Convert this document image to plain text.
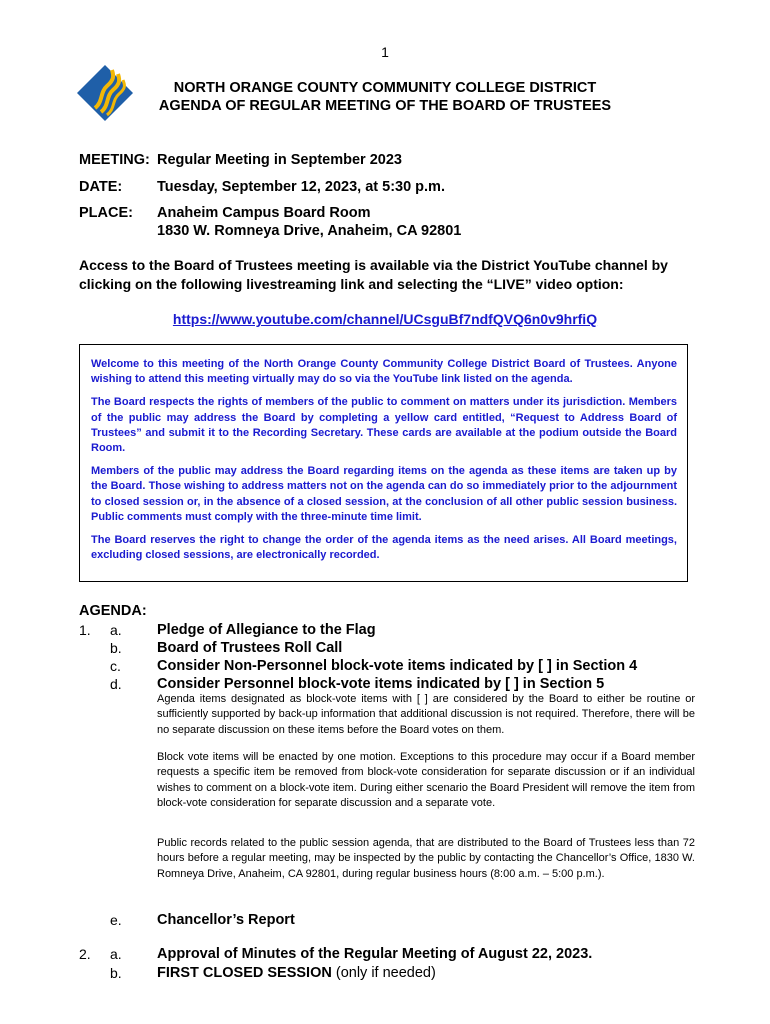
1
NORTH ORANGE COUNTY COMMUNITY COLLEGE DISTRICT
AGENDA OF REGULAR MEETING OF THE BOARD OF TRUSTEES
MEETING: Regular Meeting in September 2023
DATE: Tuesday, September 12, 2023, at 5:30 p.m.
PLACE: Anaheim Campus Board Room
1830 W. Romneya Drive, Anaheim, CA 92801
Access to the Board of Trustees meeting is available via the District YouTube channel by clicking on the following livestreaming link and selecting the “LIVE” video option:
https://www.youtube.com/channel/UCsguBf7ndfQVQ6n0v9hrfiQ

Welcome to this meeting of the North Orange County Community College District Board of Trustees. Anyone wishing to attend this meeting virtually may do so via the YouTube link listed on the agenda.

The Board respects the rights of members of the public to comment on matters under its jurisdiction. Members of the public may address the Board by completing a yellow card entitled, “Request to Address Board of Trustees” and submit it to the Recording Secretary. These cards are available at the podium outside the Board Room.

Members of the public may address the Board regarding items on the agenda as these items are taken up by the Board. Those wishing to address matters not on the agenda can do so immediately prior to the adjournment to closed session or, in the absence of a closed session, at the conclusion of all other public session business. Public comments must comply with the three-minute time limit.

The Board reserves the right to change the order of the agenda items as the need arises. All Board meetings, excluding closed sessions, are electronically recorded.

AGENDA:
1. a. Pledge of Allegiance to the Flag
b. Board of Trustees Roll Call
c. Consider Non-Personnel block-vote items indicated by [ ] in Section 4
d. Consider Personnel block-vote items indicated by [ ] in Section 5
Agenda items designated as block-vote items with [ ] are considered by the Board to either be routine or sufficiently supported by back-up information that additional discussion is not required. Therefore, there will be no separate discussion on these items before the Board votes on them.
Block vote items will be enacted by one motion. Exceptions to this procedure may occur if a Board member requests a specific item be removed from block-vote consideration for separate discussion or if an individual wishes to comment on a block-vote item. During either scenario the Board President will remove the item from block-vote consideration for separate discussion and a separate vote.
Public records related to the public session agenda, that are distributed to the Board of Trustees less than 72 hours before a regular meeting, may be inspected by the public by contacting the Chancellor’s Office, 1830 W. Romneya Drive, Anaheim, CA 92801, during regular business hours (8:00 a.m. – 5:00 p.m.).
e. Chancellor’s Report
2. a. Approval of Minutes of the Regular Meeting of August 22, 2023.
b. FIRST CLOSED SESSION (only if needed)
